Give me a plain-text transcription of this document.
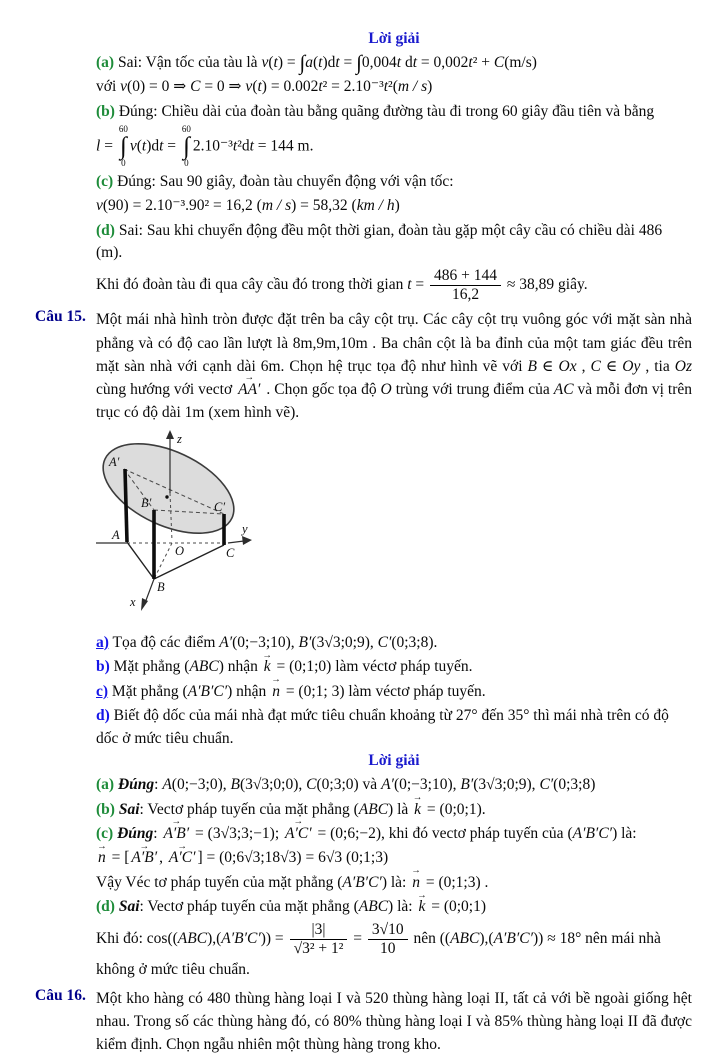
Lời giải
(a) Sai: Vận tốc của tàu là v(t) = ∫a(t)dt = ∫0,004t dt = 0,002t² + C(m/s)
với v(0) = 0 ⇒ C = 0 ⇒ v(t) = 0.002t² = 2.10⁻³t²(m / s)
(b) Đúng: Chiều dài của đoàn tàu bằng quãng đường tàu đi trong 60 giây đầu tiên và bằng
l =
60
∫
0
v(t)dt =
60
∫
0
2.10⁻³t²dt = 144 m.
(c) Đúng: Sau 90 giây, đoàn tàu chuyển động với vận tốc:
v(90) = 2.10⁻³.90² = 16,2 (m / s) = 58,32 (km / h)
(d) Sai: Sau khi chuyển động đều một thời gian, đoàn tàu gặp một cây cầu có chiều dài 486 (m).
Khi đó đoàn tàu đi qua cây cầu đó trong thời gian $t = \frac{486 + 144}{16,2} \approx 38,89$ giây.
Câu 15. Một mái nhà hình tròn được đặt trên ba cây cột trụ. Các cây cột trụ vuông góc với mặt sàn nhà phẳng và có độ cao lần lượt là 8m,9m,10m . Ba chân cột là ba đỉnh của một tam giác đều trên mặt sàn nhà với cạnh dài 6m. Chọn hệ trục tọa độ như hình vẽ với B ∈ Ox , C ∈ Oy , tia Oz cùng hướng với vectơ → AA′ . Chọn gốc tọa độ O trùng với trung điểm của AC và mỗi đơn vị trên trục có độ dài 1m (xem hình vẽ).
z
y
x
O
A′
B′	C′
A
B
C
a) Tọa độ các điểm A′(0;−3;10), B′(3√3;0;9), C′(0;3;8).
b) Mặt phẳng (ABC) nhận → k = (0;1;0) làm véctơ pháp tuyến.
c) Mặt phẳng (A′B′C′) nhận → n = (0;1; 3) làm véctơ pháp tuyến.
d) Biết độ dốc của mái nhà đạt mức tiêu chuẩn khoảng từ 27° đến 35° thì mái nhà trên có độ dốc ở mức tiêu chuẩn.
Lời giải
(a) Đúng: A(0;−3;0), B(3√3;0;0), C(0;3;0) và A′(0;−3;10), B′(3√3;0;9), C′(0;3;8)
(b) Sai: Vectơ pháp tuyến của mặt phẳng (ABC) là → k = (0;0;1).
(c) Đúng: → A′B′ = (3√3;3;−1); → A′C′ = (0;6;−2), khi đó vectơ pháp tuyến của (A′B′C′) là:
→ n = [ → A′B′ , → A′C′ ] = (0;6√3;18√3) = 6√3 (0;1;3)
Vậy Véc tơ pháp tuyến của mặt phẳng (A′B′C′) là: → n = (0;1;3) .
(d) Sai: Vectơ pháp tuyến của mặt phẳng (ABC) là: → k = (0;0;1)
Khi đó: $\cos((ABC),(A'B'C')) = \frac{|3|}{\text{√3² + 1²}} = \frac{3√10}{10}$ nên ((ABC),(A′B′C′)) ≈ 18° nên mái nhà
không ở mức tiêu chuẩn.
Câu 16. Một kho hàng có 480 thùng hàng loại I và 520 thùng hàng loại II, tất cả với bề ngoài giống hệt nhau. Trong số các thùng hàng đó, có 80% thùng hàng loại I và 85% thùng hàng loại II đã được kiểm định. Chọn ngẫu nhiên một thùng hàng trong kho.
